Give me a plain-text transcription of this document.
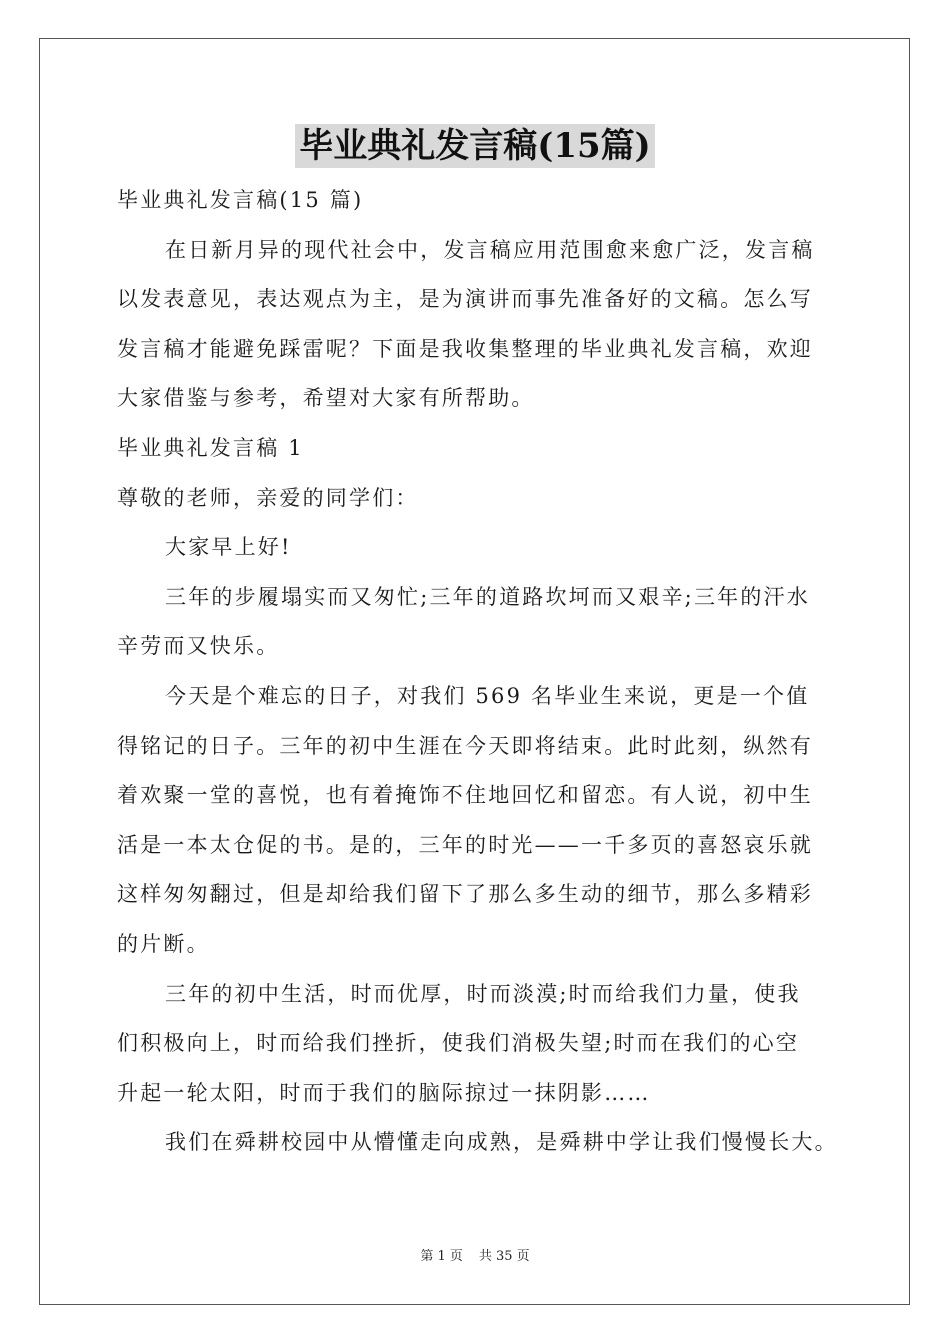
毕业典礼发言稿(15篇)
毕业典礼发言稿(15 篇)
在日新月异的现代社会中，发言稿应用范围愈来愈广泛，发言稿
以发表意见，表达观点为主，是为演讲而事先准备好的文稿。怎么写
发言稿才能避免踩雷呢？下面是我收集整理的毕业典礼发言稿，欢迎
大家借鉴与参考，希望对大家有所帮助。
毕业典礼发言稿 1
尊敬的老师，亲爱的同学们：
大家早上好!
三年的步履塌实而又匆忙;三年的道路坎坷而又艰辛;三年的汗水
辛劳而又快乐。
今天是个难忘的日子，对我们 569 名毕业生来说，更是一个值
得铭记的日子。三年的初中生涯在今天即将结束。此时此刻，纵然有
着欢聚一堂的喜悦，也有着掩饰不住地回忆和留恋。有人说，初中生
活是一本太仓促的书。是的，三年的时光——一千多页的喜怒哀乐就
这样匆匆翻过，但是却给我们留下了那么多生动的细节，那么多精彩
的片断。
三年的初中生活，时而优厚，时而淡漠;时而给我们力量，使我
们积极向上，时而给我们挫折，使我们消极失望;时而在我们的心空
升起一轮太阳，时而于我们的脑际掠过一抹阴影……
我们在舜耕校园中从懵懂走向成熟，是舜耕中学让我们慢慢长大。
第 1 页 共 35 页
